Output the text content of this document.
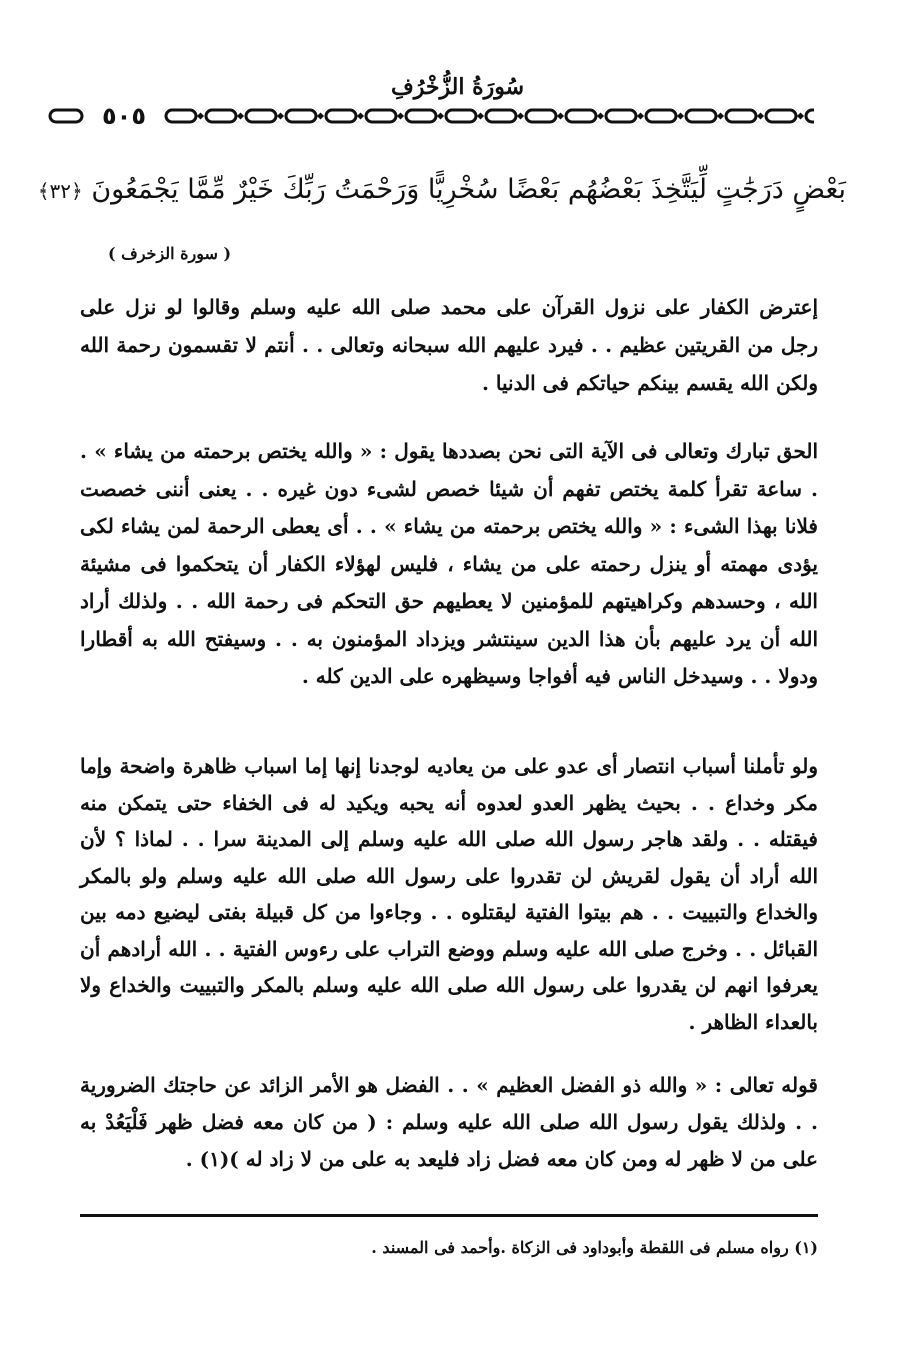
سُورَةُ الزُّخْرُفِ
٥٠٥
بَعْضٍ دَرَجَٰتٍ لِّيَتَّخِذَ بَعْضُهُم بَعْضًا سُخْرِيًّا وَرَحْمَتُ رَبِّكَ خَيْرٌ مِّمَّا يَجْمَعُونَ ﴿٣٢﴾
( سورة الزخرف )
إعترض الكفار على نزول القرآن على محمد صلى الله عليه وسلم وقالوا لو نزل على رجل من القريتين عظيم . . فيرد عليهم الله سبحانه وتعالى . . أنتم لا تقسمون رحمة الله ولكن الله يقسم بينكم حياتكم فى الدنيا .
الحق تبارك وتعالى فى الآية التى نحن بصددها يقول : « والله يختص برحمته من يشاء » . . ساعة تقرأ كلمة يختص تفهم أن شيئا خصص لشىء دون غيره . . يعنى أننى خصصت فلانا بهذا الشىء : « والله يختص برحمته من يشاء » . . أى يعطى الرحمة لمن يشاء لكى يؤدى مهمته أو ينزل رحمته على من يشاء ، فليس لهؤلاء الكفار أن يتحكموا فى مشيئة الله ، وحسدهم وكراهيتهم للمؤمنين لا يعطيهم حق التحكم فى رحمة الله . . ولذلك أراد الله أن يرد عليهم بأن هذا الدين سينتشر ويزداد المؤمنون به . . وسيفتح الله به أقطارا ودولا . . وسيدخل الناس فيه أفواجا وسيظهره على الدين كله .
ولو تأملنا أسباب انتصار أى عدو على من يعاديه لوجدنا إنها إما اسباب ظاهرة واضحة وإما مكر وخداع . . بحيث يظهر العدو لعدوه أنه يحبه ويكيد له فى الخفاء حتى يتمكن منه فيقتله . . ولقد هاجر رسول الله صلى الله عليه وسلم إلى المدينة سرا . . لماذا ؟ لأن الله أراد أن يقول لقريش لن تقدروا على رسول الله صلى الله عليه وسلم ولو بالمكر والخداع والتبييت . . هم بيتوا الفتية ليقتلوه . . وجاءوا من كل قبيلة بفتى ليضيع دمه بين القبائل . . وخرج صلى الله عليه وسلم ووضع التراب على رءوس الفتية . . الله أرادهم أن يعرفوا انهم لن يقدروا على رسول الله صلى الله عليه وسلم بالمكر والتبييت والخداع ولا بالعداء الظاهر .
قوله تعالى : « والله ذو الفضل العظيم » . . الفضل هو الأمر الزائد عن حاجتك الضرورية . . ولذلك يقول رسول الله صلى الله عليه وسلم : ( من كان معه فضل ظهر فَلْيَعُدْ به على من لا ظهر له ومن كان معه فضل زاد فليعد به على من لا زاد له )(١) .
(١) رواه مسلم فى اللقطة وأبوداود فى الزكاة .وأحمد فى المسند .
